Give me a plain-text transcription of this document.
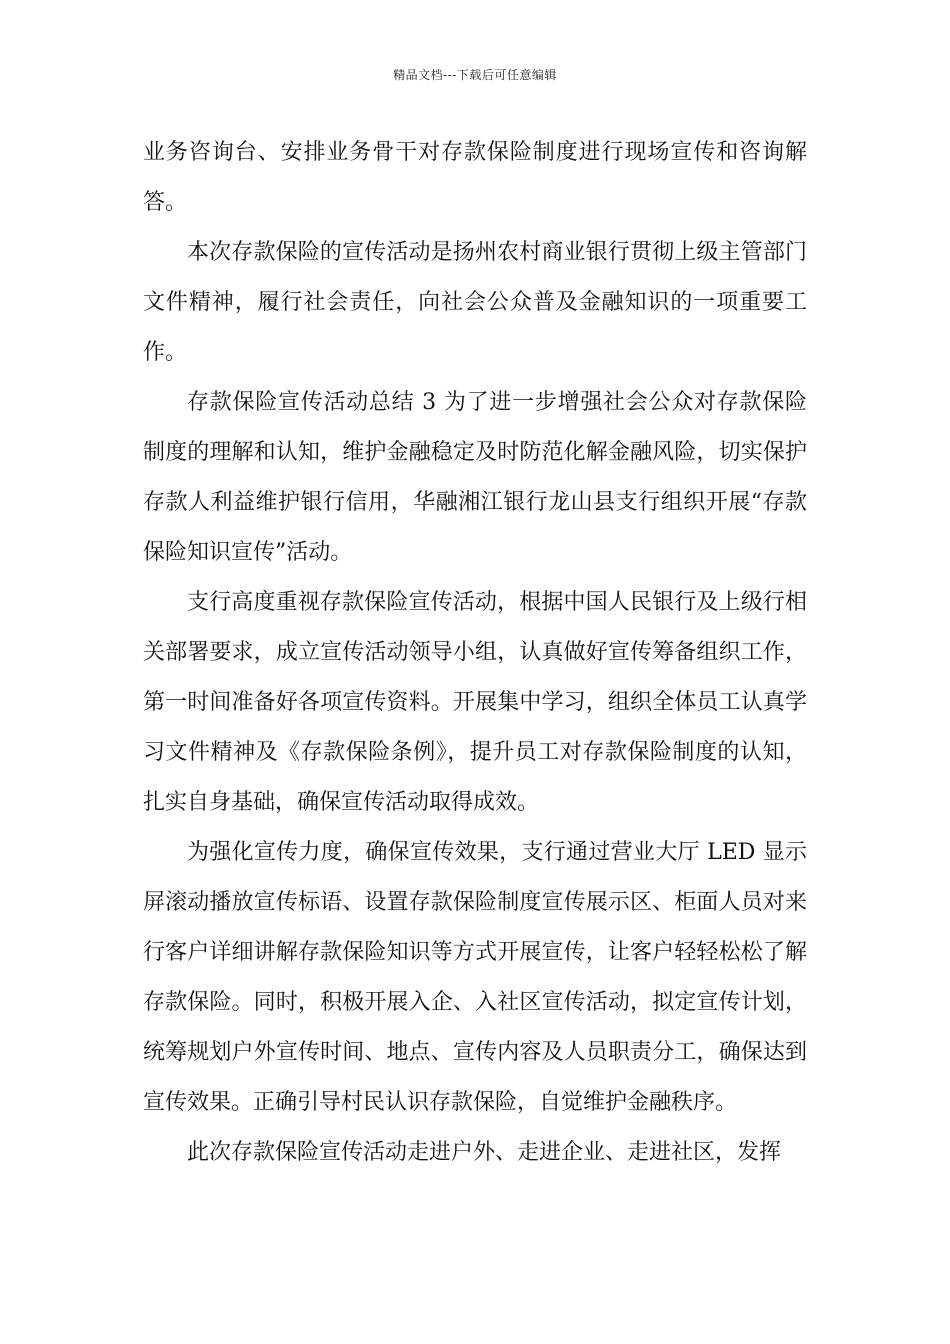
精品文档---下载后可任意编辑

业务咨询台、安排业务骨干对存款保险制度进行现场宣传和咨询解答。

本次存款保险的宣传活动是扬州农村商业银行贯彻上级主管部门文件精神，履行社会责任，向社会公众普及金融知识的一项重要工作。

存款保险宣传活动总结 3 为了进一步增强社会公众对存款保险制度的理解和认知，维护金融稳定及时防范化解金融风险，切实保护存款人利益维护银行信用，华融湘江银行龙山县支行组织开展“存款保险知识宣传”活动。

支行高度重视存款保险宣传活动，根据中国人民银行及上级行相关部署要求，成立宣传活动领导小组，认真做好宣传筹备组织工作，第一时间准备好各项宣传资料。开展集中学习，组织全体员工认真学习文件精神及《存款保险条例》，提升员工对存款保险制度的认知，扎实自身基础，确保宣传活动取得成效。

为强化宣传力度，确保宣传效果，支行通过营业大厅 LED 显示屏滚动播放宣传标语、设置存款保险制度宣传展示区、柜面人员对来行客户详细讲解存款保险知识等方式开展宣传，让客户轻轻松松了解存款保险。同时，积极开展入企、入社区宣传活动，拟定宣传计划，统筹规划户外宣传时间、地点、宣传内容及人员职责分工，确保达到宣传效果。正确引导村民认识存款保险，自觉维护金融秩序。

此次存款保险宣传活动走进户外、走进企业、走进社区，发挥
